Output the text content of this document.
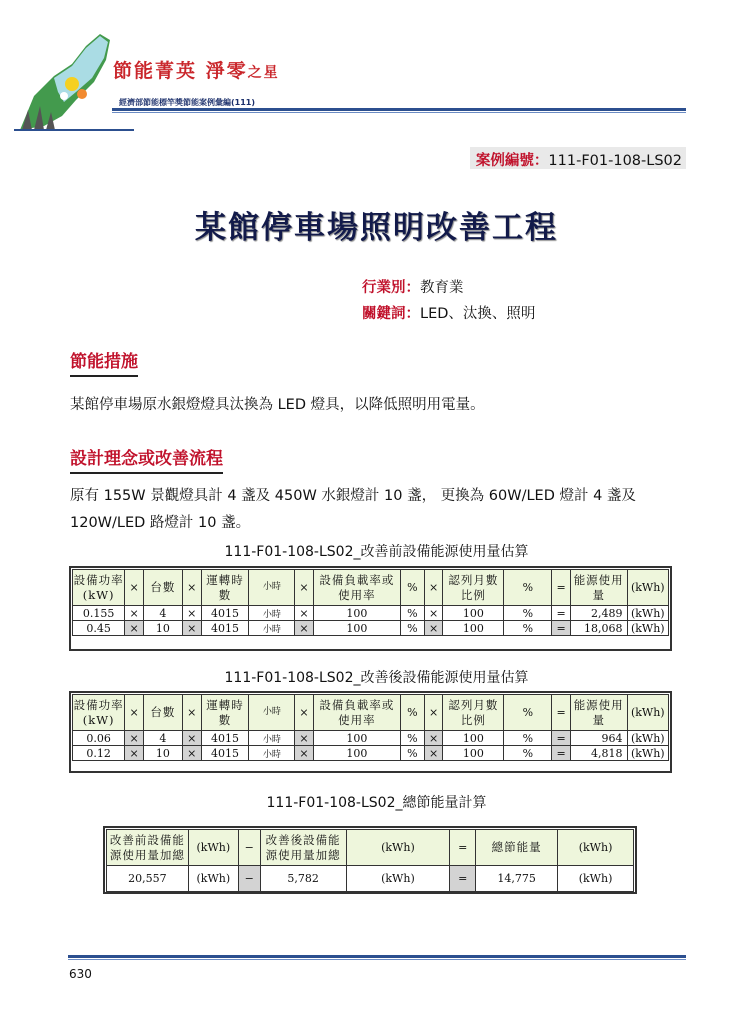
節能菁英 淨零之星
經濟部節能標竿獎節能案例彙編(111)
案例編號：111-F01-108-LS02
某館停車場照明改善工程
行業別：教育業
關鍵詞：LED、汰換、照明
節能措施
某館停車場原水銀燈燈具汰換為 LED 燈具，以降低照明用電量。
設計理念或改善流程
原有 155W 景觀燈具計 4 盞及 450W 水銀燈計 10 盞， 更換為 60W/LED 燈計 4 盞及
120W/LED 路燈計 10 盞。
111-F01-108-LS02_改善前設備能源使用量估算
設備功率(kW)	×	台數	×	運轉時數	小時	×	設備負載率或使用率	%	×	認列月數比例	%	=	能源使用量	(kWh)
0.155	×	4	×	4015	小時	×	100	%	×	100	%	=	2,489	(kWh)
0.45	×	10	×	4015	小時	×	100	%	×	100	%	=	18,068	(kWh)
111-F01-108-LS02_改善後設備能源使用量估算
設備功率(kW)	×	台數	×	運轉時數	小時	×	設備負載率或使用率	%	×	認列月數比例	%	=	能源使用量	(kWh)
0.06	×	4	×	4015	小時	×	100	%	×	100	%	=	964	(kWh)
0.12	×	10	×	4015	小時	×	100	%	×	100	%	=	4,818	(kWh)
111-F01-108-LS02_總節能量計算
改善前設備能源使用量加總	(kWh)	−	改善後設備能源使用量加總	(kWh)	=	總節能量	(kWh)
20,557	(kWh)	−	5,782	(kWh)	=	14,775	(kWh)
630
